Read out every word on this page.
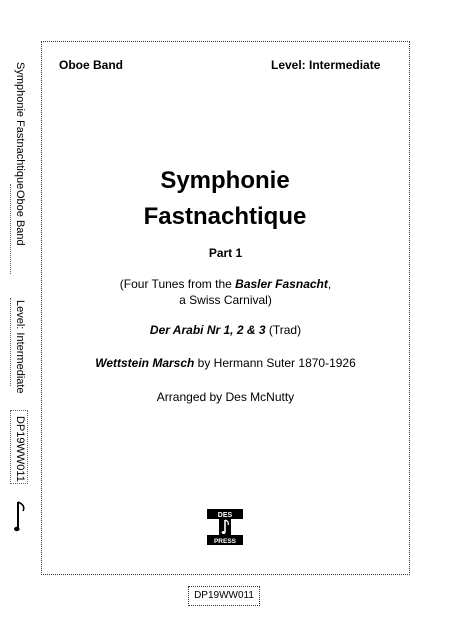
Symphonie Fastnachtique
Oboe Band
Level: Intermediate
DP19WW011
Oboe Band	Level: Intermediate
Symphonie
Fastnachtique
Part 1
(Four Tunes from the Basler Fasnacht,
a Swiss Carnival)
Der Arabi Nr 1, 2 & 3 (Trad)
Wettstein Marsch by Hermann Suter 1870-1926
Arranged by Des McNutty
DES
PRESS
DP19WW011
